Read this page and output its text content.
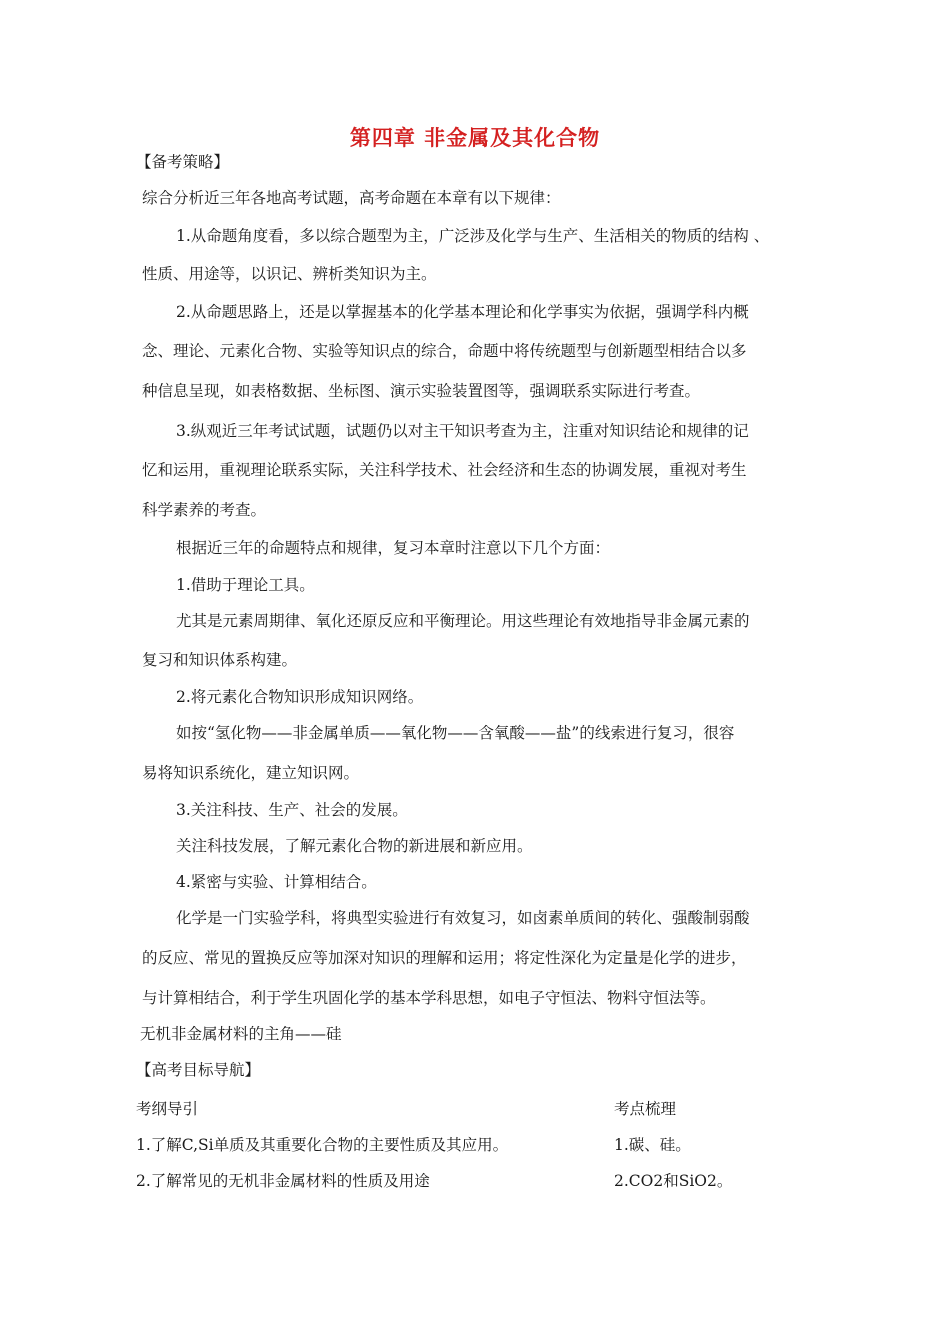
第四章 非金属及其化合物
【备考策略】
综合分析近三年各地高考试题，高考命题在本章有以下规律：
1.从命题角度看，多以综合题型为主，广泛涉及化学与生产、生活相关的物质的结构 、
性质、用途等，以识记、辨析类知识为主。
2.从命题思路上，还是以掌握基本的化学基本理论和化学事实为依据，强调学科内概
念、理论、元素化合物、实验等知识点的综合，命题中将传统题型与创新题型相结合以多
种信息呈现，如表格数据、坐标图、演示实验装置图等，强调联系实际进行考查。
3.纵观近三年考试试题，试题仍以对主干知识考查为主，注重对知识结论和规律的记
忆和运用，重视理论联系实际，关注科学技术、社会经济和生态的协调发展，重视对考生
科学素养的考查。
根据近三年的命题特点和规律，复习本章时注意以下几个方面：
1.借助于理论工具。
尤其是元素周期律、氧化还原反应和平衡理论。用这些理论有效地指导非金属元素的
复习和知识体系构建。
2.将元素化合物知识形成知识网络。
如按“氢化物——非金属单质——氧化物——含氧酸——盐”的线索进行复习，很容
易将知识系统化，建立知识网。
3.关注科技、生产、社会的发展。
关注科技发展，了解元素化合物的新进展和新应用。
4.紧密与实验、计算相结合。
化学是一门实验学科，将典型实验进行有效复习，如卤素单质间的转化、强酸制弱酸
的反应、常见的置换反应等加深对知识的理解和运用；将定性深化为定量是化学的进步，
与计算相结合，利于学生巩固化学的基本学科思想，如电子守恒法、物料守恒法等。
无机非金属材料的主角——硅
【高考目标导航】
考纲导引	考点梳理
1.了解C,Si单质及其重要化合物的主要性质及其应用。	1.碳、硅。
2.了解常见的无机非金属材料的性质及用途	2.CO2和SiO2。
